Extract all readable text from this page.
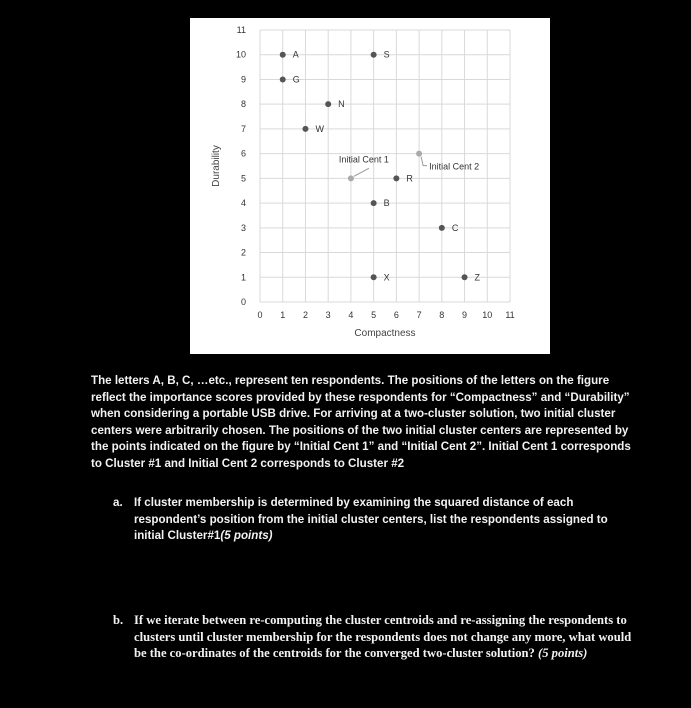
0 1 2 3 4 5 6 7 8 9 10 11
0
1
2
3
4
5
6
7
8
9
10
11
Compactness
Durability
A
G
S
N
W
R
B
C
X	Z
Initial Cent 1
Initial Cent 2

The letters A, B, C, …etc., represent ten respondents. The positions of the letters on the figure reflect the importance scores provided by these respondents for “Compactness” and “Durability” when considering a portable USB drive. For arriving at a two-cluster solution, two initial cluster centers were arbitrarily chosen. The positions of the two initial cluster centers are represented by the points indicated on the figure by “Initial Cent 1” and “Initial Cent 2”. Initial Cent 1 corresponds to Cluster #1 and Initial Cent 2 corresponds to Cluster #2

a. If cluster membership is determined by examining the squared distance of each respondent’s position from the initial cluster centers, list the respondents assigned to initial Cluster#1(5 points)
b. If we iterate between re-computing the cluster centroids and re-assigning the respondents to clusters until cluster membership for the respondents does not change any more, what would be the co-ordinates of the centroids for the converged two-cluster solution? (5 points)
